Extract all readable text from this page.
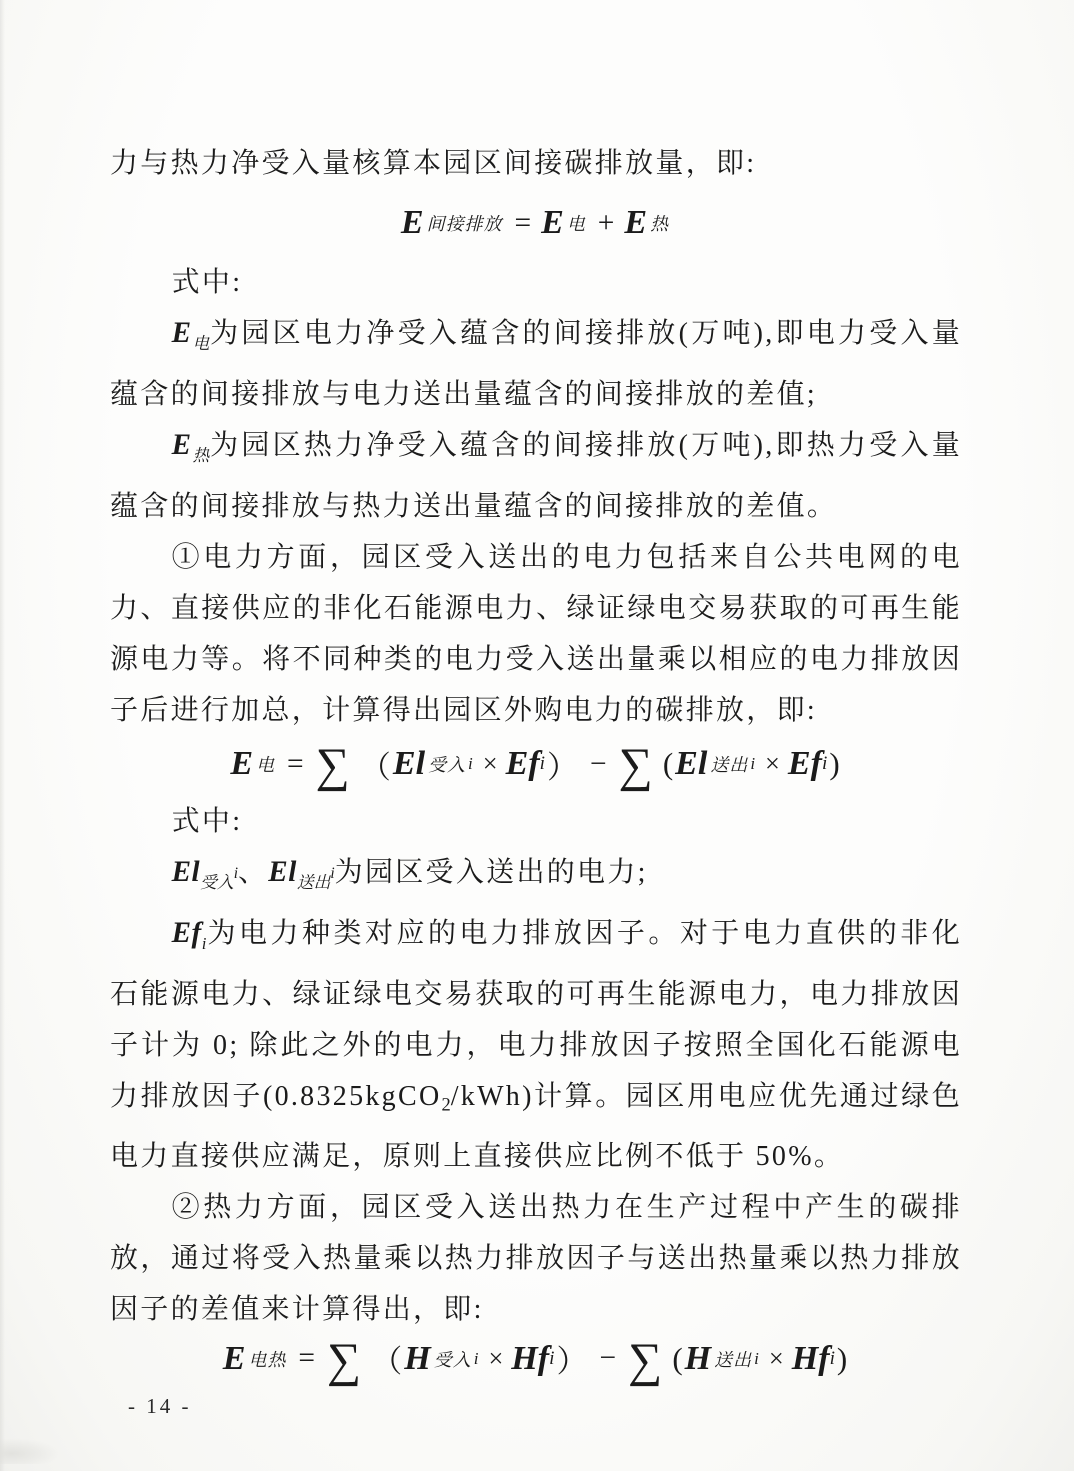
力与热力净受入量核算本园区间接碳排放量，即:

E 间接排放 = E 电 + E 热

式中:

$E_电$为园区电力净受入蕴含的间接排放(万吨),即电力受入量蕴含的间接排放与电力送出量蕴含的间接排放的差值;

$E_热$为园区热力净受入蕴含的间接排放(万吨),即热力受入量蕴含的间接排放与热力送出量蕴含的间接排放的差值。

①电力方面，园区受入送出的电力包括来自公共电网的电力、直接供应的非化石能源电力、绿证绿电交易获取的可再生能源电力等。将不同种类的电力受入送出量乘以相应的电力排放因子后进行加总，计算得出园区外购电力的碳排放，即:

E 电 = ∑ （ El 受入 i × Ef i ） − ∑ ( El 送出 i × Ef i )

式中:

$El_{受入}i$、$El_{送出}i$为园区受入送出的电力;

$Ef_i$为电力种类对应的电力排放因子。对于电力直供的非化石能源电力、绿证绿电交易获取的可再生能源电力，电力排放因子计为 0; 除此之外的电力，电力排放因子按照全国化石能源电力排放因子(0.8325kgCO2/kWh)计算。园区用电应优先通过绿色电力直接供应满足，原则上直接供应比例不低于 50%。

②热力方面，园区受入送出热力在生产过程中产生的碳排放，通过将受入热量乘以热力排放因子与送出热量乘以热力排放因子的差值来计算得出，即:

E 电热 = ∑ （ H 受入 i × Hf i ） − ∑ ( H 送出 i × Hf i )
- 14 -
